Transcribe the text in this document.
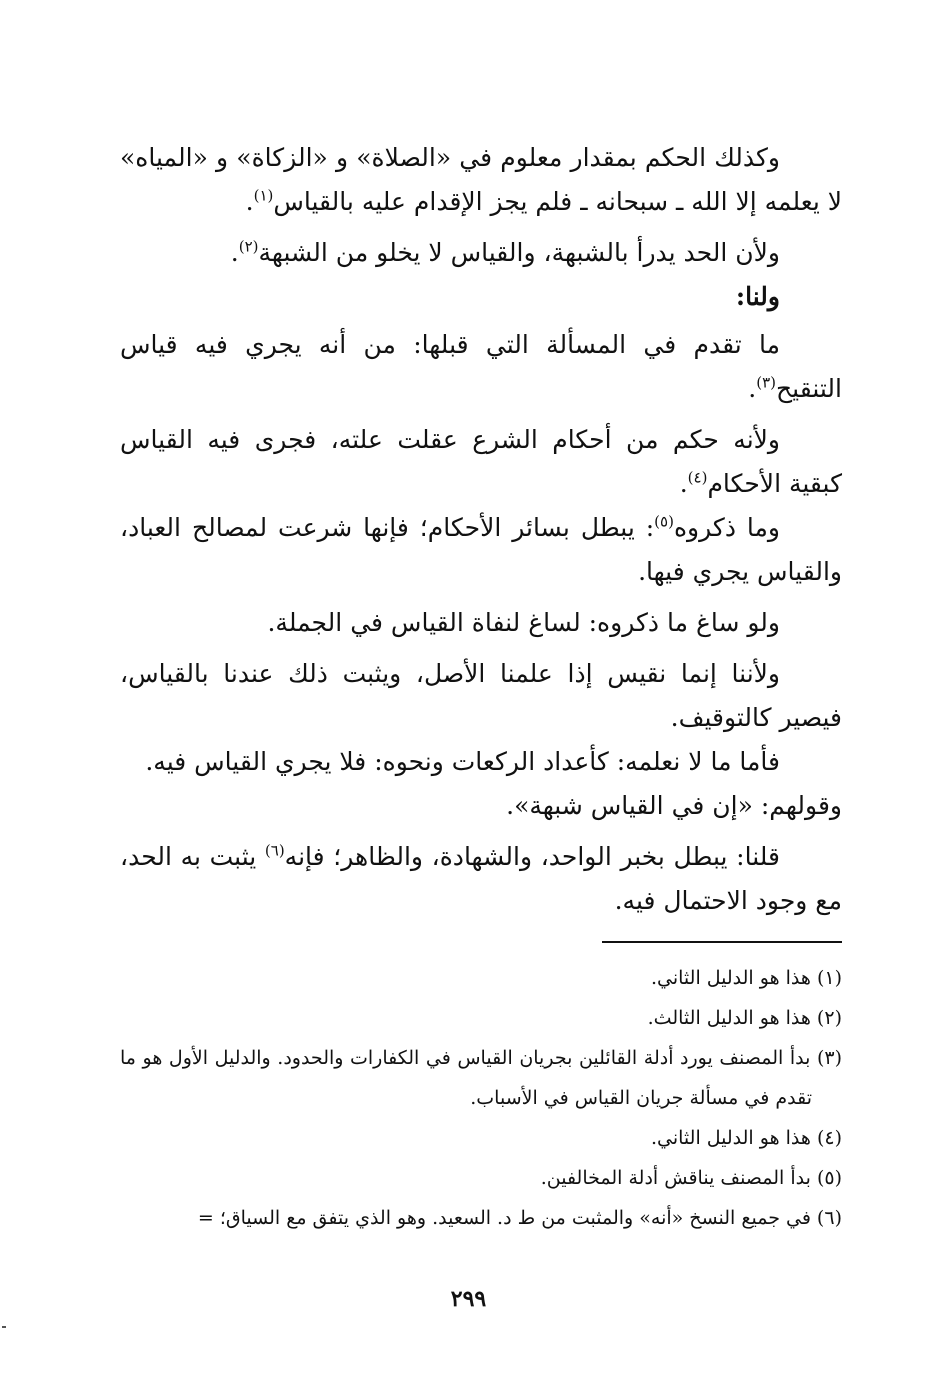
وكذلك الحكم بمقدار معلوم في «الصلاة» و «الزكاة» و «المياه» لا يعلمه إلا الله ـ سبحانه ـ فلم يجز الإقدام عليه بالقياس$^{(١)}$.

ولأن الحد يدرأ بالشبهة، والقياس لا يخلو من الشبهة$^{(٢)}$.

ولنا:

ما تقدم في المسألة التي قبلها: من أنه يجري فيه قياس التنقيح$^{(٣)}$.

ولأنه حكم من أحكام الشرع عقلت علته، فجرى فيه القياس كبقية الأحكام$^{(٤)}$.

وما ذكروه$^{(٥)}$: يبطل بسائر الأحكام؛ فإنها شرعت لمصالح العباد، والقياس يجري فيها.

ولو ساغ ما ذكروه: لساغ لنفاة القياس في الجملة.

ولأننا إنما نقيس إذا علمنا الأصل، ويثبت ذلك عندنا بالقياس، فيصير كالتوقيف.

فأما ما لا نعلمه: كأعداد الركعات ونحوه: فلا يجري القياس فيه.

وقولهم: «إن في القياس شبهة».

قلنا: يبطل بخبر الواحد، والشهادة، والظاهر؛ فإنه$^{(٦)}$ يثبت به الحد، مع وجود الاحتمال فيه.

(١) هذا هو الدليل الثاني.

(٢) هذا هو الدليل الثالث.

(٣) بدأ المصنف يورد أدلة القائلين بجريان القياس في الكفارات والحدود. والدليل الأول هو ما تقدم في مسألة جريان القياس في الأسباب.

(٤) هذا هو الدليل الثاني.

(٥) بدأ المصنف يناقش أدلة المخالفين.

(٦) في جميع النسخ «أنه» والمثبت من ط د. السعيد. وهو الذي يتفق مع السياق؛ =

٢٩٩
